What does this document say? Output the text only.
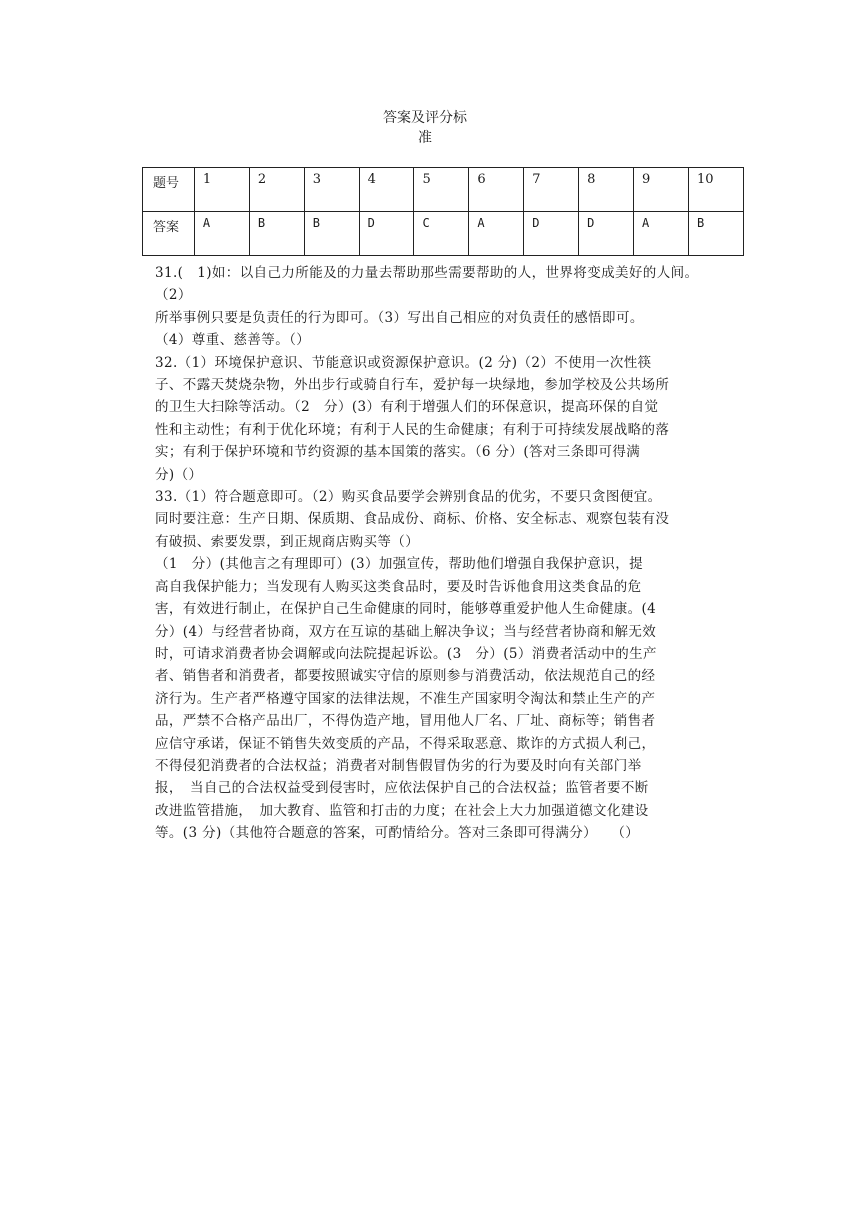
答案及评分标
准
题号	1	2	3	4	5	6	7	8	9	10
答案	A	B	B	D	C	A	D	D	A	B

31.(　1)如：以自己力所能及的力量去帮助那些需要帮助的人，世界将变成美好的人间。

（2）

所举事例只要是负责任的行为即可。（3）写出自己相应的对负责任的感悟即可。

（4）尊重、慈善等。（）

32.（1）环境保护意识、节能意识或资源保护意识。(2 分)（2）不使用一次性筷

子、不露天焚烧杂物，外出步行或骑自行车，爱护每一块绿地，参加学校及公共场所

的卫生大扫除等活动。（2　分）(3）有利于增强人们的环保意识，提高环保的自觉

性和主动性；有利于优化环境；有利于人民的生命健康；有利于可持续发展战略的落

实；有利于保护环境和节约资源的基本国策的落实。（6 分）(答对三条即可得满

分)（）

33.（1）符合题意即可。（2）购买食品要学会辨别食品的优劣，不要只贪图便宜。

同时要注意：生产日期、保质期、食品成份、商标、价格、安全标志、观察包装有没

有破损、索要发票，到正规商店购买等（）

（1　分）(其他言之有理即可）(3）加强宣传，帮助他们增强自我保护意识，提

高自我保护能力；当发现有人购买这类食品时，要及时告诉他食用这类食品的危

害，有效进行制止，在保护自己生命健康的同时，能够尊重爱护他人生命健康。(4

分）(4）与经营者协商，双方在互谅的基础上解决争议；当与经营者协商和解无效

时，可请求消费者协会调解或向法院提起诉讼。(3　分）(5）消费者活动中的生产

者、销售者和消费者，都要按照诚实守信的原则参与消费活动，依法规范自己的经

济行为。生产者严格遵守国家的法律法规，不准生产国家明令淘汰和禁止生产的产

品，严禁不合格产品出厂，不得伪造产地，冒用他人厂名、厂址、商标等；销售者

应信守承诺，保证不销售失效变质的产品，不得采取恶意、欺诈的方式损人利己，

不得侵犯消费者的合法权益；消费者对制售假冒伪劣的行为要及时向有关部门举

报，　当自己的合法权益受到侵害时，应依法保护自己的合法权益；监管者要不断

改进监管措施，　加大教育、监管和打击的力度；在社会上大力加强道德文化建设

等。(3 分)（其他符合题意的答案，可酌情给分。答对三条即可得满分）　　（）
